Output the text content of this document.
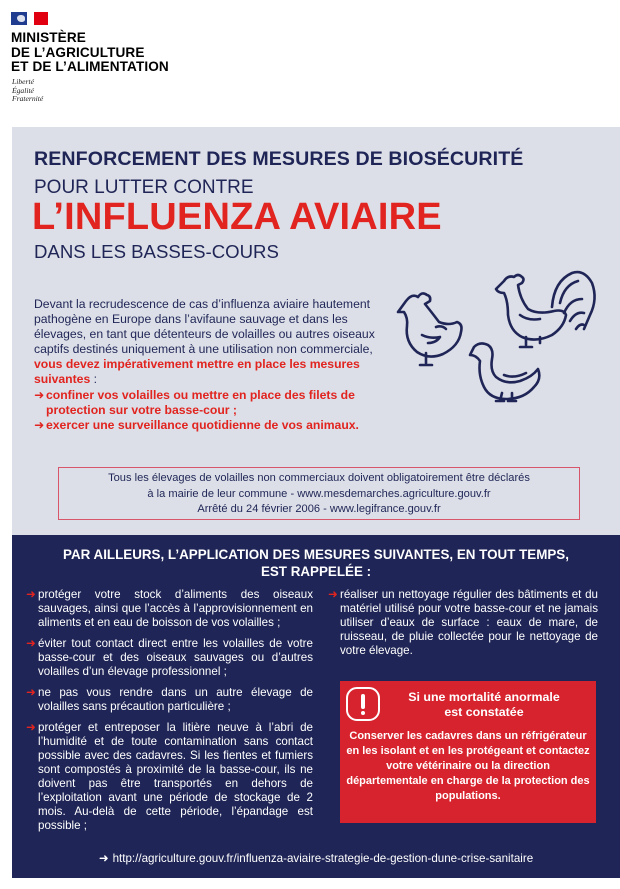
MINISTÈRE
DE L’AGRICULTURE
ET DE L’ALIMENTATION
Liberté
Égalité
Fraternité
RENFORCEMENT DES MESURES DE BIOSÉCURITÉ
POUR LUTTER CONTRE
L’INFLUENZA AVIAIRE
DANS LES BASSES-COURS
Devant la recrudescence de cas d’influenza aviaire hautement pathogène en Europe dans l’avifaune sauvage et dans les élevages, en tant que détenteurs de volailles ou autres oiseaux captifs destinés uniquement à une utilisation non commerciale, vous devez impérativement mettre en place les mesures suivantes :
➜ confiner vos volailles ou mettre en place des filets de protection sur votre basse-cour ;
➜ exercer une surveillance quotidienne de vos animaux.
Tous les élevages de volailles non commerciaux doivent obligatoirement être déclarés
à la mairie de leur commune - www.mesdemarches.agriculture.gouv.fr
Arrêté du 24 février 2006 - www.legifrance.gouv.fr
PAR AILLEURS, L’APPLICATION DES MESURES SUIVANTES, EN TOUT TEMPS,
EST RAPPELÉE :
➜ protéger votre stock d’aliments des oiseaux sauvages, ainsi que l’accès à l’approvisionnement en aliments et en eau de boisson de vos volailles ;
➜ éviter tout contact direct entre les volailles de votre basse-cour et des oiseaux sauvages ou d’autres volailles d’un élevage professionnel ;
➜ ne pas vous rendre dans un autre élevage de volailles sans précaution particulière ;
➜ protéger et entreposer la litière neuve à l’abri de l’humidité et de toute contamination sans contact possible avec des cadavres. Si les fientes et fumiers sont compostés à proximité de la basse-cour, ils ne doivent pas être transportés en dehors de l’exploitation avant une période de stockage de 2 mois. Au-delà de cette période, l’épandage est possible ;
➜ réaliser un nettoyage régulier des bâtiments et du matériel utilisé pour votre basse-cour et ne jamais utiliser d’eaux de surface : eaux de mare, de ruisseau, de pluie collectée pour le nettoyage de votre élevage.
Si une mortalité anormale
est constatée
Conserver les cadavres dans un réfrigérateur en les isolant et en les protégeant et contactez votre vétérinaire ou la direction départementale en charge de la protection des populations.
➜ http://agriculture.gouv.fr/influenza-aviaire-strategie-de-gestion-dune-crise-sanitaire
